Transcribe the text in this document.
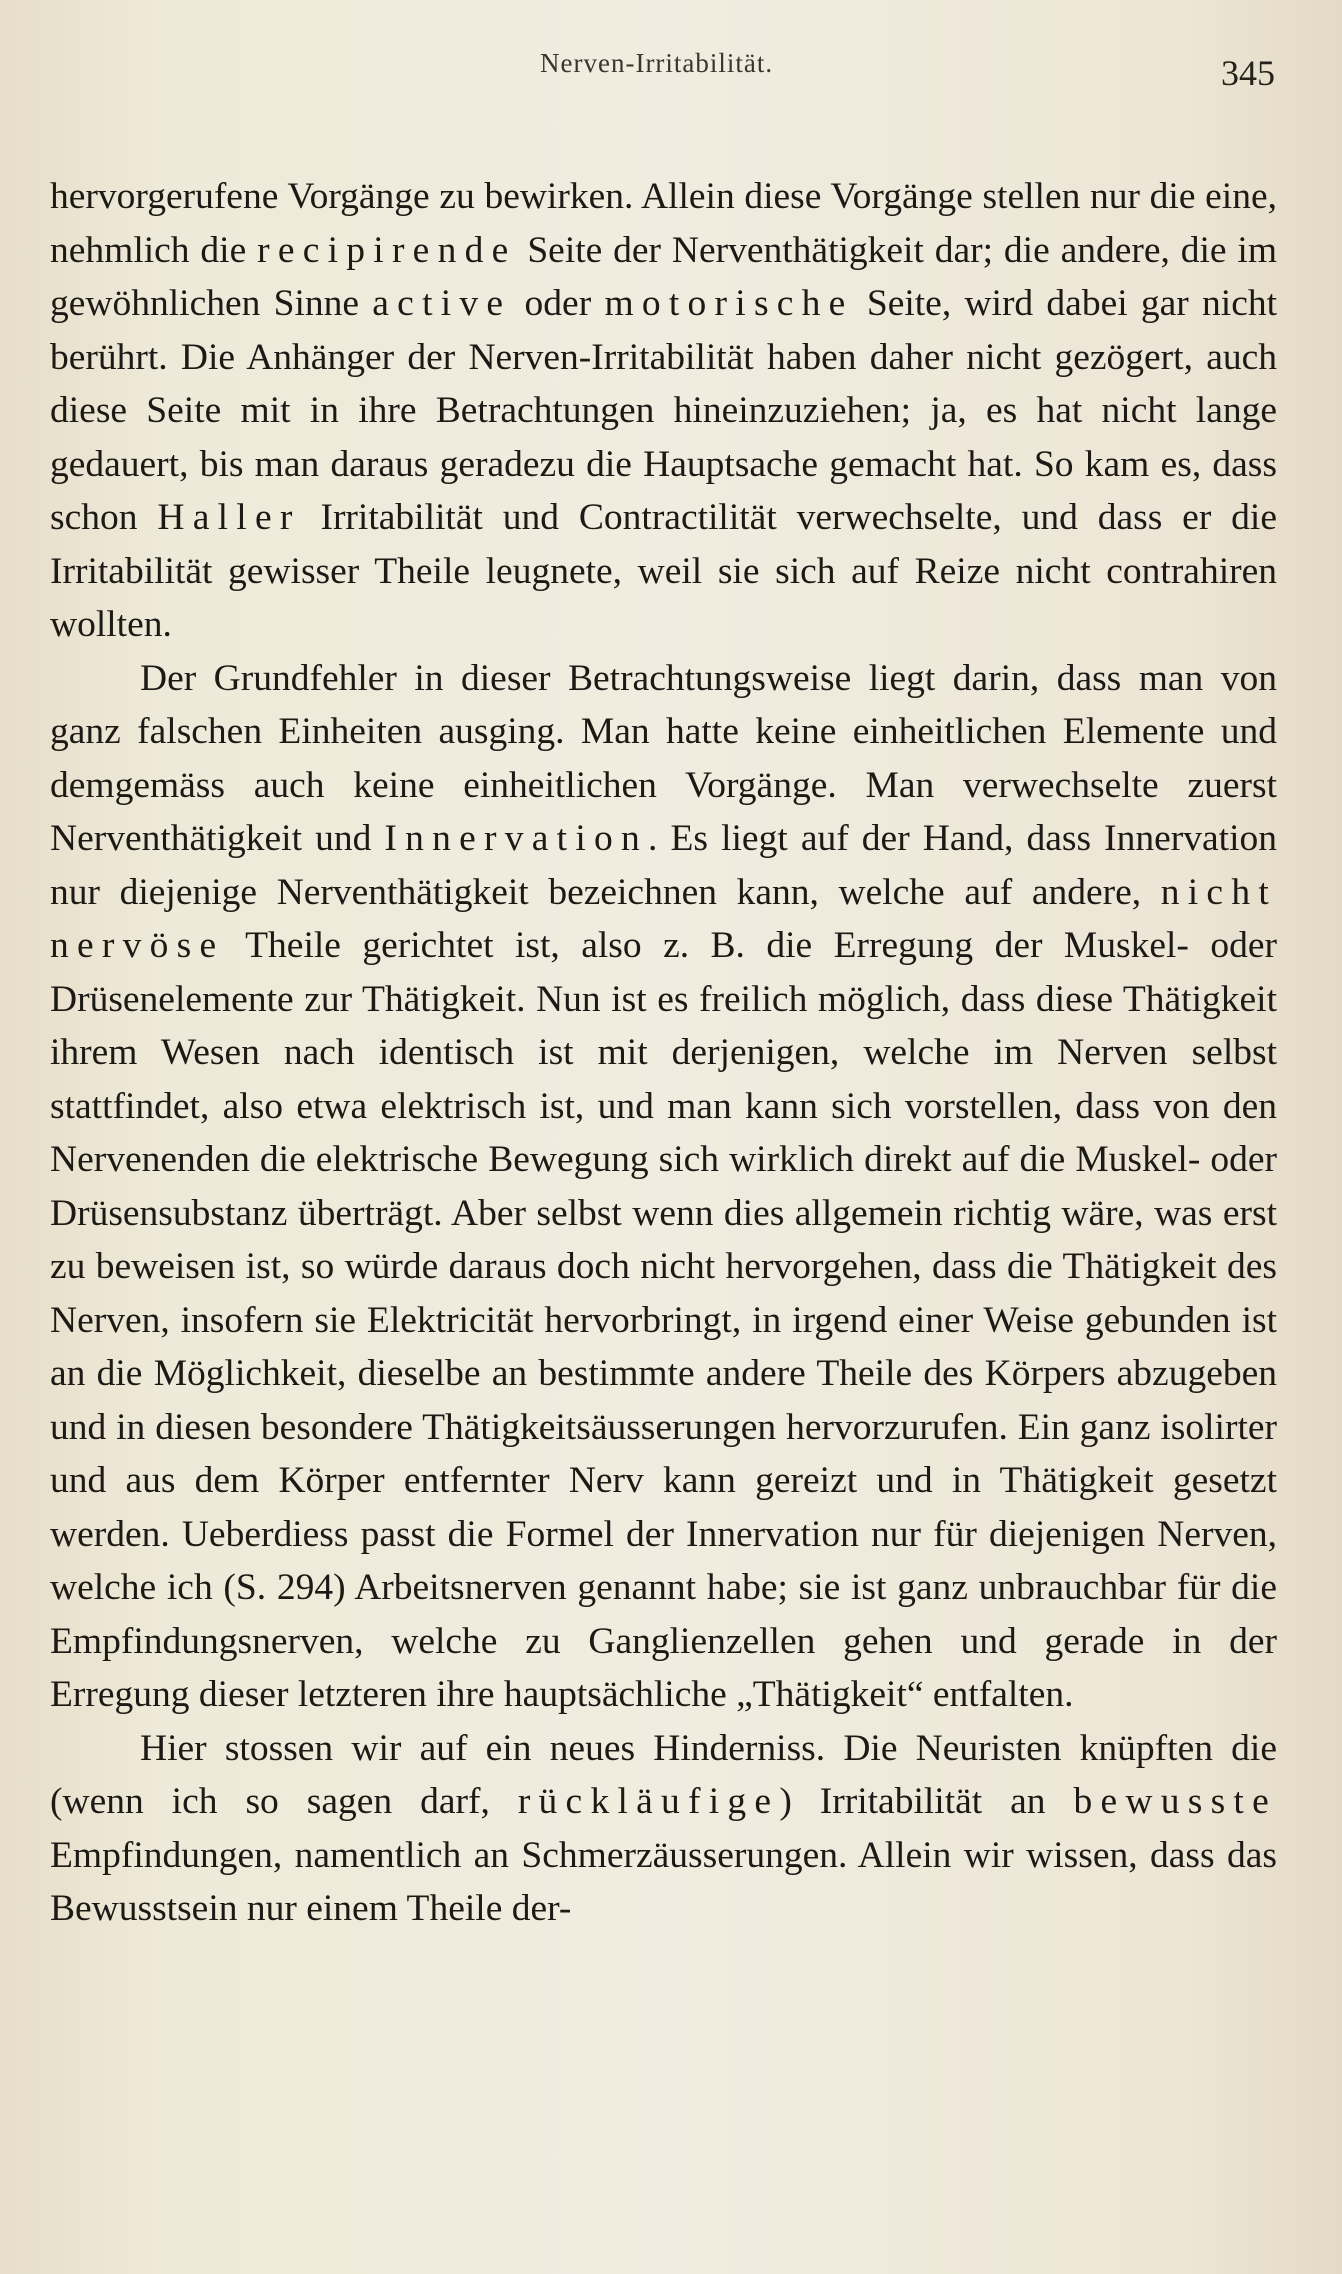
Nerven-Irritabilität.	345

hervorgerufene Vorgänge zu bewirken. Allein diese Vorgänge stellen nur die eine, nehmlich die recipirende Seite der Nerventhätigkeit dar; die andere, die im gewöhnlichen Sinne active oder motorische Seite, wird dabei gar nicht berührt. Die Anhänger der Nerven-Irritabilität haben daher nicht gezögert, auch diese Seite mit in ihre Betrachtungen hineinzuziehen; ja, es hat nicht lange gedauert, bis man daraus geradezu die Hauptsache gemacht hat. So kam es, dass schon Haller Irritabilität und Contractilität verwechselte, und dass er die Irritabilität gewisser Theile leugnete, weil sie sich auf Reize nicht contrahiren wollten.

Der Grundfehler in dieser Betrachtungsweise liegt darin, dass man von ganz falschen Einheiten ausging. Man hatte keine einheitlichen Elemente und demgemäss auch keine einheitlichen Vorgänge. Man verwechselte zuerst Nerventhätigkeit und Innervation. Es liegt auf der Hand, dass Innervation nur diejenige Nerventhätigkeit bezeichnen kann, welche auf andere, nicht nervöse Theile gerichtet ist, also z. B. die Erregung der Muskel- oder Drüsenelemente zur Thätigkeit. Nun ist es freilich möglich, dass diese Thätigkeit ihrem Wesen nach identisch ist mit derjenigen, welche im Nerven selbst stattfindet, also etwa elektrisch ist, und man kann sich vorstellen, dass von den Nervenenden die elektrische Bewegung sich wirklich direkt auf die Muskel- oder Drüsensubstanz überträgt. Aber selbst wenn dies allgemein richtig wäre, was erst zu beweisen ist, so würde daraus doch nicht hervorgehen, dass die Thätigkeit des Nerven, insofern sie Elektricität hervorbringt, in irgend einer Weise gebunden ist an die Möglichkeit, dieselbe an bestimmte andere Theile des Körpers abzugeben und in diesen besondere Thätigkeitsäusserungen hervorzurufen. Ein ganz isolirter und aus dem Körper entfernter Nerv kann gereizt und in Thätigkeit gesetzt werden. Ueberdiess passt die Formel der Innervation nur für diejenigen Nerven, welche ich (S. 294) Arbeitsnerven genannt habe; sie ist ganz unbrauchbar für die Empfindungsnerven, welche zu Ganglienzellen gehen und gerade in der Erregung dieser letzteren ihre hauptsächliche „Thätigkeit“ entfalten.

Hier stossen wir auf ein neues Hinderniss. Die Neuristen knüpften die (wenn ich so sagen darf, rückläufige) Irritabilität an bewusste Empfindungen, namentlich an Schmerzäusserungen. Allein wir wissen, dass das Bewusstsein nur einem Theile der-
